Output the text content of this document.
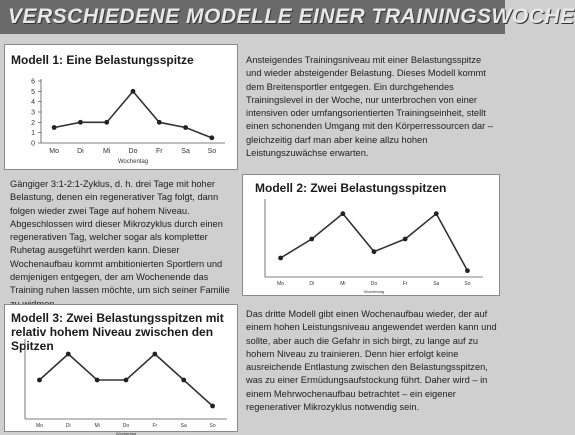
VERSCHIEDENE MODELLE EINER TRAININGSWOCHE
Modell 1: Eine Belastungsspitze
0
1
2
3
4
5
6
Mo	Di	Mi	Do	Fr	Sa	So
Wochentag
Ansteigendes Trainingsniveau mit einer Belastungsspitze und wieder absteigender Belastung. Dieses Modell kommt dem Breitensportler entgegen. Ein durchgehendes Trainingslevel in der Woche, nur unterbrochen von einer intensiven oder umfangsorientierten Trainingseinheit, stellt einen schonenden Umgang mit den Körperressourcen dar – gleichzeitig darf man aber keine allzu hohen Leistungszuwächse erwarten.
Gängiger 3:1-2:1-Zyklus, d. h. drei Tage mit hoher Belastung, denen ein regenerativer Tag folgt, dann folgen wieder zwei Tage auf hohem Niveau. Abgeschlossen wird dieser Mikrozyklus durch einen regenerativen Tag, welcher sogar als kompletter Ruhetag ausgeführt werden kann. Dieser Wochenaufbau kommt ambitionierten Sportlern und demjenigen entgegen, der am Wochenende das Training ruhen lassen möchte, um sich seiner Familie
Modell 2: Zwei Belastungsspitzen
Mo	Di	Mi	Do	Fr	Sa	So
Wochentag
Modell 3: Zwei Belastungsspitzen mit relativ hohem Niveau zwischen den Spitzen
Mo	Di	Mi	Do	Fr	Sa	So
Wochentag
Das dritte Modell gibt einen Wochenaufbau wieder, der auf einem hohen Leistungsniveau angewendet werden kann und sollte, aber auch die Gefahr in sich birgt, zu lange auf zu hohem Niveau zu trainieren. Denn hier erfolgt keine ausreichende Entlastung zwischen den Belastungsspitzen, was zu einer Ermüdungsaufstockung führt. Daher wird – in einem Mehrwochenaufbau betrachtet – ein eigener regenerativer Mikrozyklus notwendig sein.
